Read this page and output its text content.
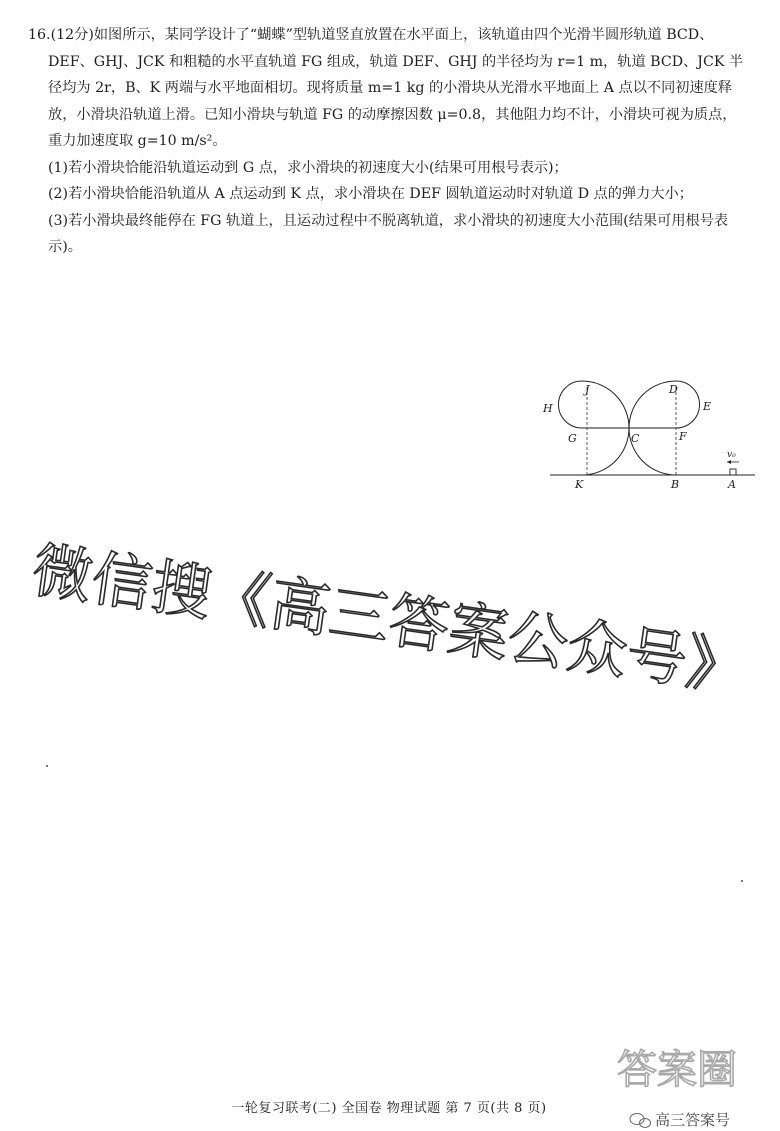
16.(12分)如图所示，某同学设计了“蝴蝶”型轨道竖直放置在水平面上，该轨道由四个光滑半圆形轨道 BCD、DEF、GHJ、JCK 和粗糙的水平直轨道 FG 组成，轨道 DEF、GHJ 的半径均为 r=1 m，轨道 BCD、JCK 半径均为 2r，B、K 两端与水平地面相切。现将质量 m=1 kg 的小滑块从光滑水平地面上 A 点以不同初速度释放，小滑块沿轨道上滑。已知小滑块与轨道 FG 的动摩擦因数 μ=0.8，其他阻力均不计，小滑块可视为质点，重力加速度取 g=10 m/s²。

(1)若小滑块恰能沿轨道运动到 G 点，求小滑块的初速度大小(结果可用根号表示)；

(2)若小滑块恰能沿轨道从 A 点运动到 K 点，求小滑块在 DEF 圆轨道运动时对轨道 D 点的弹力大小；

(3)若小滑块最终能停在 FG 轨道上，且运动过程中不脱离轨道，求小滑块的初速度大小范围(结果可用根号表示)。

J	D
H	E
G	C	F
K	B	A
v₀
微信搜《高三答案公众号》
答案圈
高三答案号
一轮复习联考(二) 全国卷 物理试题 第 7 页(共 8 页)
